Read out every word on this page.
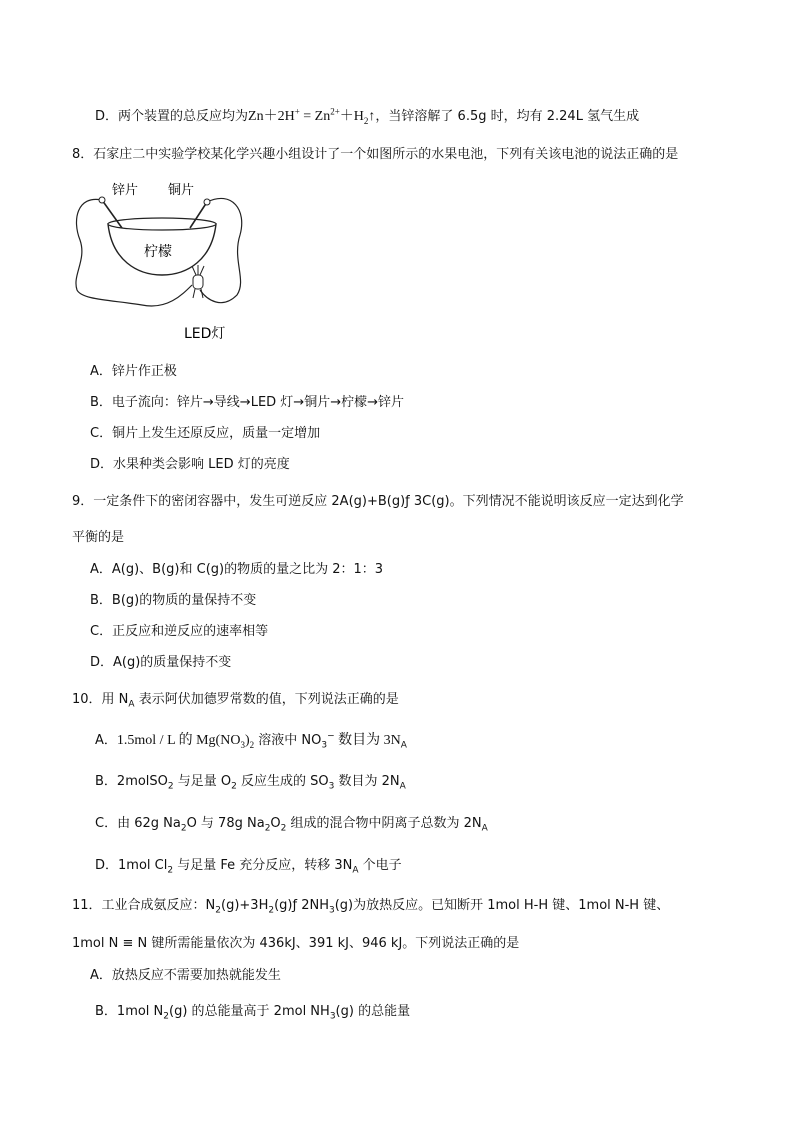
D．两个装置的总反应均为$Zn+2H^+ = Zn^{2+}+H_2↑$，当锌溶解了 6.5g 时，均有 2.24L 氢气生成
8．石家庄二中实验学校某化学兴趣小组设计了一个如图所示的水果电池，下列有关该电池的说法正确的是
锌片 铜片
柠檬
LED灯
A．锌片作正极
B．电子流向：锌片→导线→LED 灯→铜片→柠檬→锌片
C．铜片上发生还原反应，质量一定增加
D．水果种类会影响 LED 灯的亮度
9．一定条件下的密闭容器中，发生可逆反应 2A(g)+B(g)ƒ 3C(g)。下列情况不能说明该反应一定达到化学
平衡的是
A．A(g)、B(g)和 C(g)的物质的量之比为 2：1：3
B．B(g)的物质的量保持不变
C．正反应和逆反应的速率相等
D．A(g)的质量保持不变
10．用 $N_A$ 表示阿伏加德罗常数的值，下列说法正确的是
A．1.5mol / L 的 $Mg(NO_3)_2$ 溶液中 $NO_3^-$ 数目为 $3N_A$
B．2molSO$_2$ 与足量 $O_2$ 反应生成的 $SO_3$ 数目为 $2N_A$
C．由 62g $Na_2O$ 与 78g $Na_2O_2$ 组成的混合物中阴离子总数为 $2N_A$
D．1mol $Cl_2$ 与足量 Fe 充分反应，转移 $3N_A$ 个电子
11．工业合成氨反应：$N_2(g)+3H_2(g)ƒ$ $2NH_3(g)$为放热反应。已知断开 1mol H-H 键、1mol N-H 键、
1mol N ≡ N 键所需能量依次为 436kJ、391 kJ、946 kJ。下列说法正确的是
A．放热反应不需要加热就能发生
B．1mol $N_2(g)$ 的总能量高于 2mol $NH_3(g)$ 的总能量
